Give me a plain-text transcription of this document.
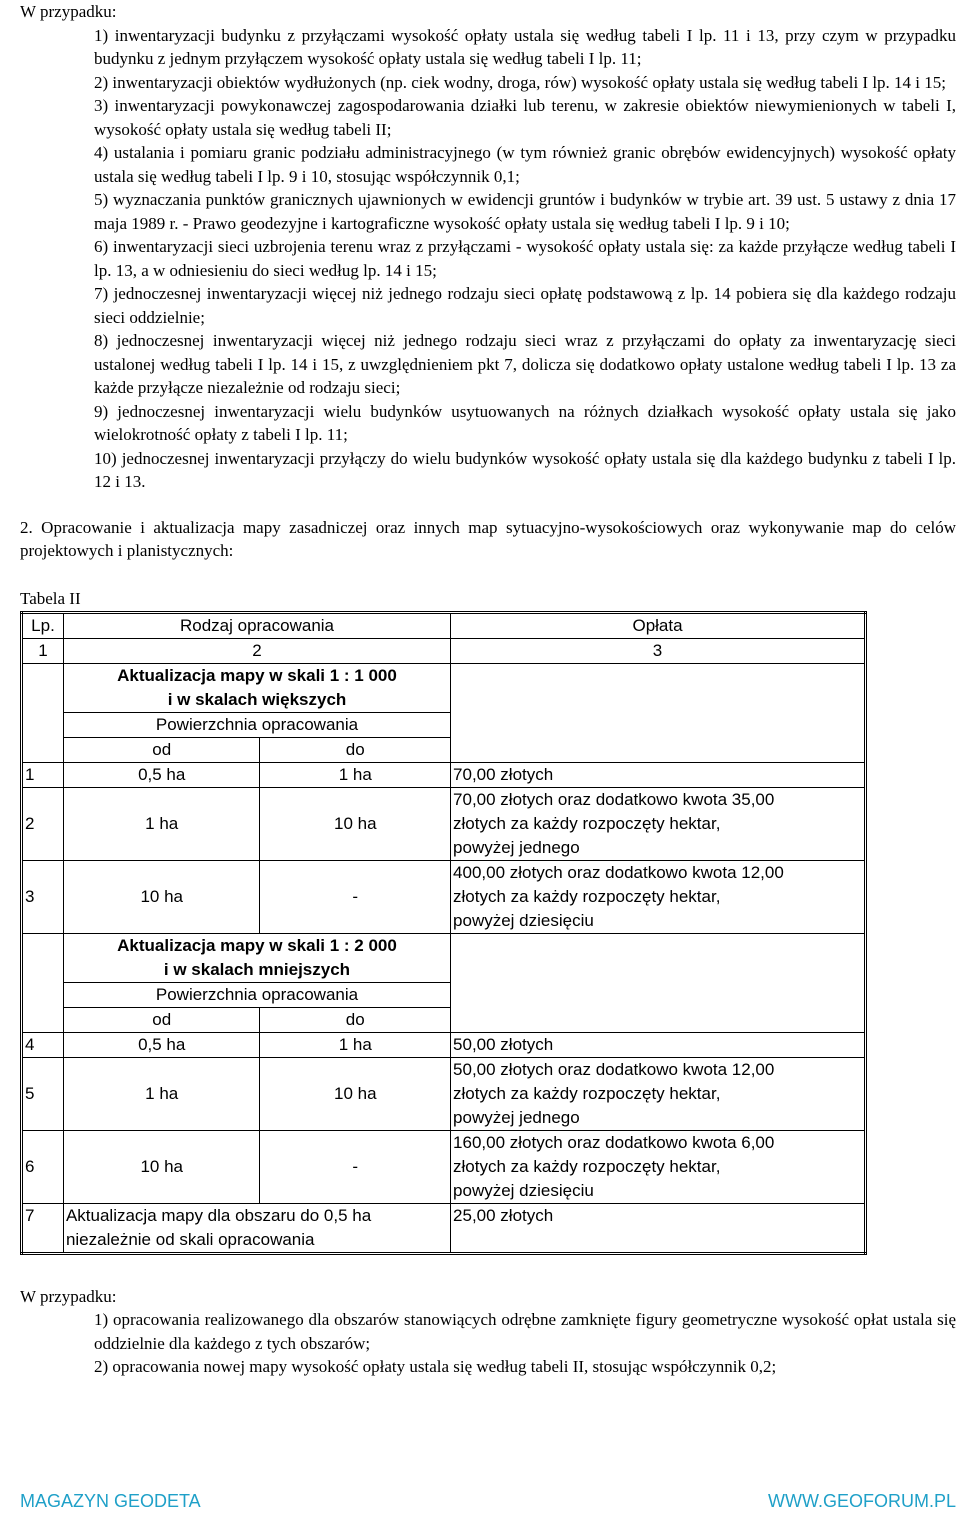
W przypadku:

1) inwentaryzacji budynku z przyłączami wysokość opłaty ustala się według tabeli I lp. 11 i 13, przy czym w przypadku budynku z jednym przyłączem wysokość opłaty ustala się według tabeli I lp. 11;

2) inwentaryzacji obiektów wydłużonych (np. ciek wodny, droga, rów) wysokość opłaty ustala się według tabeli I lp. 14 i 15;

3) inwentaryzacji powykonawczej zagospodarowania działki lub terenu, w zakresie obiektów niewymienionych w tabeli I, wysokość opłaty ustala się według tabeli II;

4) ustalania i pomiaru granic podziału administracyjnego (w tym również granic obrębów ewidencyjnych) wysokość opłaty ustala się według tabeli I lp. 9 i 10, stosując współczynnik 0,1;

5) wyznaczania punktów granicznych ujawnionych w ewidencji gruntów i budynków w trybie art. 39 ust. 5 ustawy z dnia 17 maja 1989 r. - Prawo geodezyjne i kartograficzne wysokość opłaty ustala się według tabeli I lp. 9 i 10;

6) inwentaryzacji sieci uzbrojenia terenu wraz z przyłączami - wysokość opłaty ustala się: za każde przyłącze według tabeli I lp. 13, a w odniesieniu do sieci według lp. 14 i 15;

7) jednoczesnej inwentaryzacji więcej niż jednego rodzaju sieci opłatę podstawową z lp. 14 pobiera się dla każdego rodzaju sieci oddzielnie;

8) jednoczesnej inwentaryzacji więcej niż jednego rodzaju sieci wraz z przyłączami do opłaty za inwentaryzację sieci ustalonej według tabeli I lp. 14 i 15, z uwzględnieniem pkt 7, dolicza się dodatkowo opłaty ustalone według tabeli I lp. 13 za każde przyłącze niezależnie od rodzaju sieci;

9) jednoczesnej inwentaryzacji wielu budynków usytuowanych na różnych działkach wysokość opłaty ustala się jako wielokrotność opłaty z tabeli I lp. 11;

10) jednoczesnej inwentaryzacji przyłączy do wielu budynków wysokość opłaty ustala się dla każdego budynku z tabeli I lp. 12 i 13.

2. Opracowanie i aktualizacja mapy zasadniczej oraz innych map sytuacyjno-wysokościowych oraz wykonywanie map do celów projektowych i planistycznych:

Tabela II
Lp.	Rodzaj opracowania		Opłata
1	2		3
	Aktualizacja mapy w skali 1 : 1 000
i w skalach większych		
	Powierzchnia opracowania		
	od	do	
1	0,5 ha	1 ha	70,00 złotych
2	1 ha	10 ha	70,00 złotych oraz dodatkowo kwota 35,00
złotych za każdy rozpoczęty hektar,
powyżej jednego
3	10 ha	-	400,00 złotych oraz dodatkowo kwota 12,00
złotych za każdy rozpoczęty hektar,
powyżej dziesięciu
	Aktualizacja mapy w skali 1 : 2 000
i w skalach mniejszych		
	Powierzchnia opracowania		
	od	do	
4	0,5 ha	1 ha	50,00 złotych
5	1 ha	10 ha	50,00 złotych oraz dodatkowo kwota 12,00
złotych za każdy rozpoczęty hektar,
powyżej jednego
6	10 ha	-	160,00 złotych oraz dodatkowo kwota 6,00
złotych za każdy rozpoczęty hektar,
powyżej dziesięciu
7	Aktualizacja mapy dla obszaru do 0,5 ha
niezależnie od skali opracowania		25,00 złotych

W przypadku:

1) opracowania realizowanego dla obszarów stanowiących odrębne zamknięte figury geometryczne wysokość opłat ustala się oddzielnie dla każdego z tych obszarów;

2) opracowania nowej mapy wysokość opłaty ustala się według tabeli II, stosując współczynnik 0,2;

MAGAZYN GEODETA	WWW.GEOFORUM.PL
